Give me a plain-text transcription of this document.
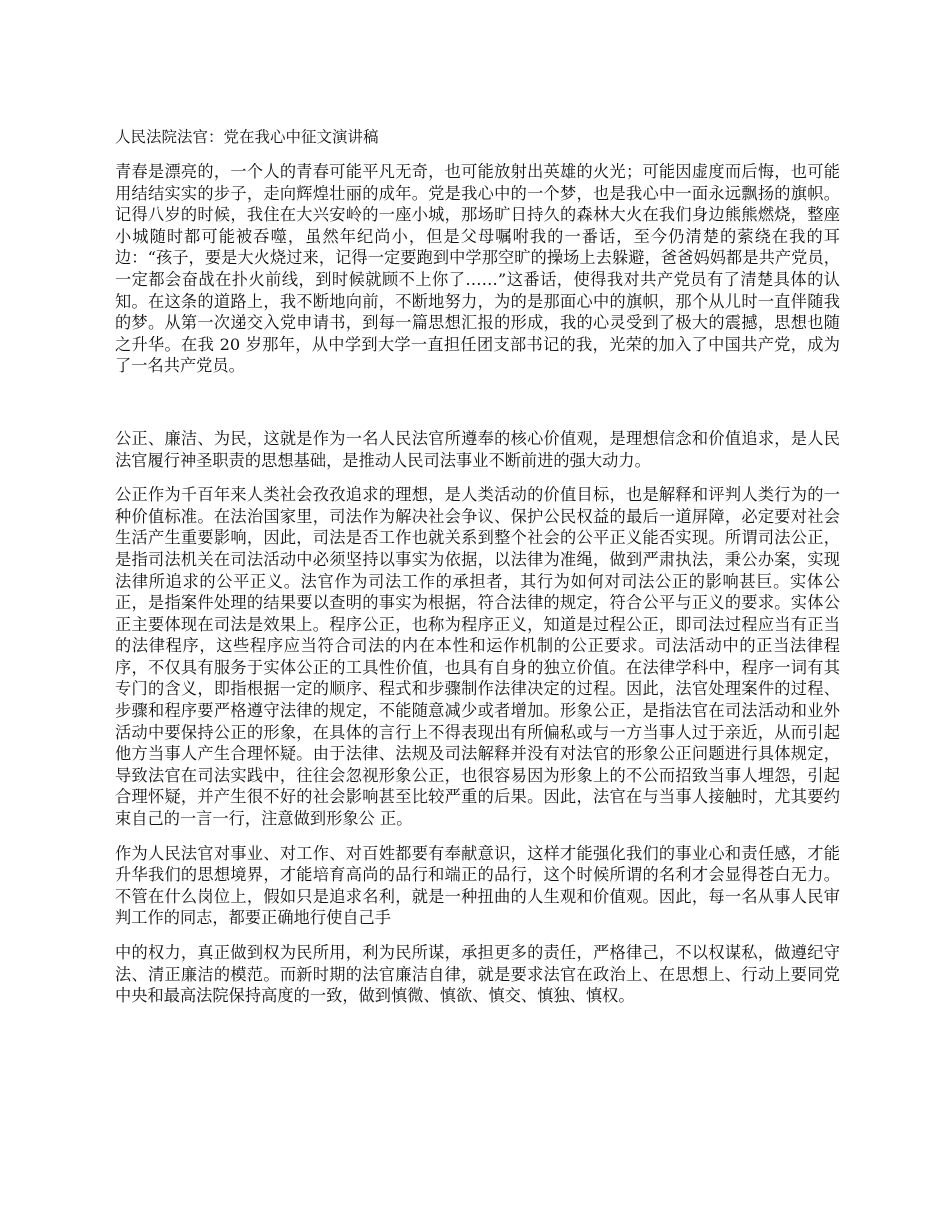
人民法院法官：党在我心中征文演讲稿

青春是漂亮的，一个人的青春可能平凡无奇，也可能放射出英雄的火光；可能因虚度而后悔，也可能用结结实实的步子，走向辉煌壮丽的成年。党是我心中的一个梦，也是我心中一面永远飘扬的旗帜。记得八岁的时候，我住在大兴安岭的一座小城，那场旷日持久的森林大火在我们身边熊熊燃烧，整座小城随时都可能被吞噬，虽然年纪尚小，但是父母嘱咐我的一番话，至今仍清楚的萦绕在我的耳边：“孩子，要是大火烧过来，记得一定要跑到中学那空旷的操场上去躲避，爸爸妈妈都是共产党员，一定都会奋战在扑火前线，到时候就顾不上你了……”这番话，使得我对共产党员有了清楚具体的认知。在这条的道路上，我不断地向前，不断地努力，为的是那面心中的旗帜，那个从儿时一直伴随我的梦。从第一次递交入党申请书，到每一篇思想汇报的形成，我的心灵受到了极大的震撼，思想也随之升华。在我 20 岁那年，从中学到大学一直担任团支部书记的我，光荣的加入了中国共产党，成为了一名共产党员。

公正、廉洁、为民，这就是作为一名人民法官所遵奉的核心价值观，是理想信念和价值追求，是人民法官履行神圣职责的思想基础，是推动人民司法事业不断前进的强大动力。

公正作为千百年来人类社会孜孜追求的理想，是人类活动的价值目标，也是解释和评判人类行为的一种价值标准。在法治国家里，司法作为解决社会争议、保护公民权益的最后一道屏障，必定要对社会生活产生重要影响，因此，司法是否工作也就关系到整个社会的公平正义能否实现。所谓司法公正，是指司法机关在司法活动中必须坚持以事实为依据，以法律为准绳，做到严肃执法，秉公办案，实现法律所追求的公平正义。法官作为司法工作的承担者，其行为如何对司法公正的影响甚巨。实体公正，是指案件处理的结果要以查明的事实为根据，符合法律的规定，符合公平与正义的要求。实体公正主要体现在司法是效果上。程序公正，也称为程序正义，知道是过程公正，即司法过程应当有正当的法律程序，这些程序应当符合司法的内在本性和运作机制的公正要求。司法活动中的正当法律程序，不仅具有服务于实体公正的工具性价值，也具有自身的独立价值。在法律学科中，程序一词有其专门的含义，即指根据一定的顺序、程式和步骤制作法律决定的过程。因此，法官处理案件的过程、步骤和程序要严格遵守法律的规定，不能随意减少或者增加。形象公正，是指法官在司法活动和业外活动中要保持公正的形象，在具体的言行上不得表现出有所偏私或与一方当事人过于亲近，从而引起他方当事人产生合理怀疑。由于法律、法规及司法解释并没有对法官的形象公正问题进行具体规定，导致法官在司法实践中，往往会忽视形象公正，也很容易因为形象上的不公而招致当事人埋怨，引起合理怀疑，并产生很不好的社会影响甚至比较严重的后果。因此，法官在与当事人接触时，尤其要约束自己的一言一行，注意做到形象公 正。

作为人民法官对事业、对工作、对百姓都要有奉献意识，这样才能强化我们的事业心和责任感，才能升华我们的思想境界，才能培育高尚的品行和端正的品行，这个时候所谓的名利才会显得苍白无力。不管在什么岗位上，假如只是追求名利，就是一种扭曲的人生观和价值观。因此，每一名从事人民审判工作的同志，都要正确地行使自己手

中的权力，真正做到权为民所用，利为民所谋，承担更多的责任，严格律己，不以权谋私，做遵纪守法、清正廉洁的模范。而新时期的法官廉洁自律，就是要求法官在政治上、在思想上、行动上要同党中央和最高法院保持高度的一致，做到慎微、慎欲、慎交、慎独、慎权。
